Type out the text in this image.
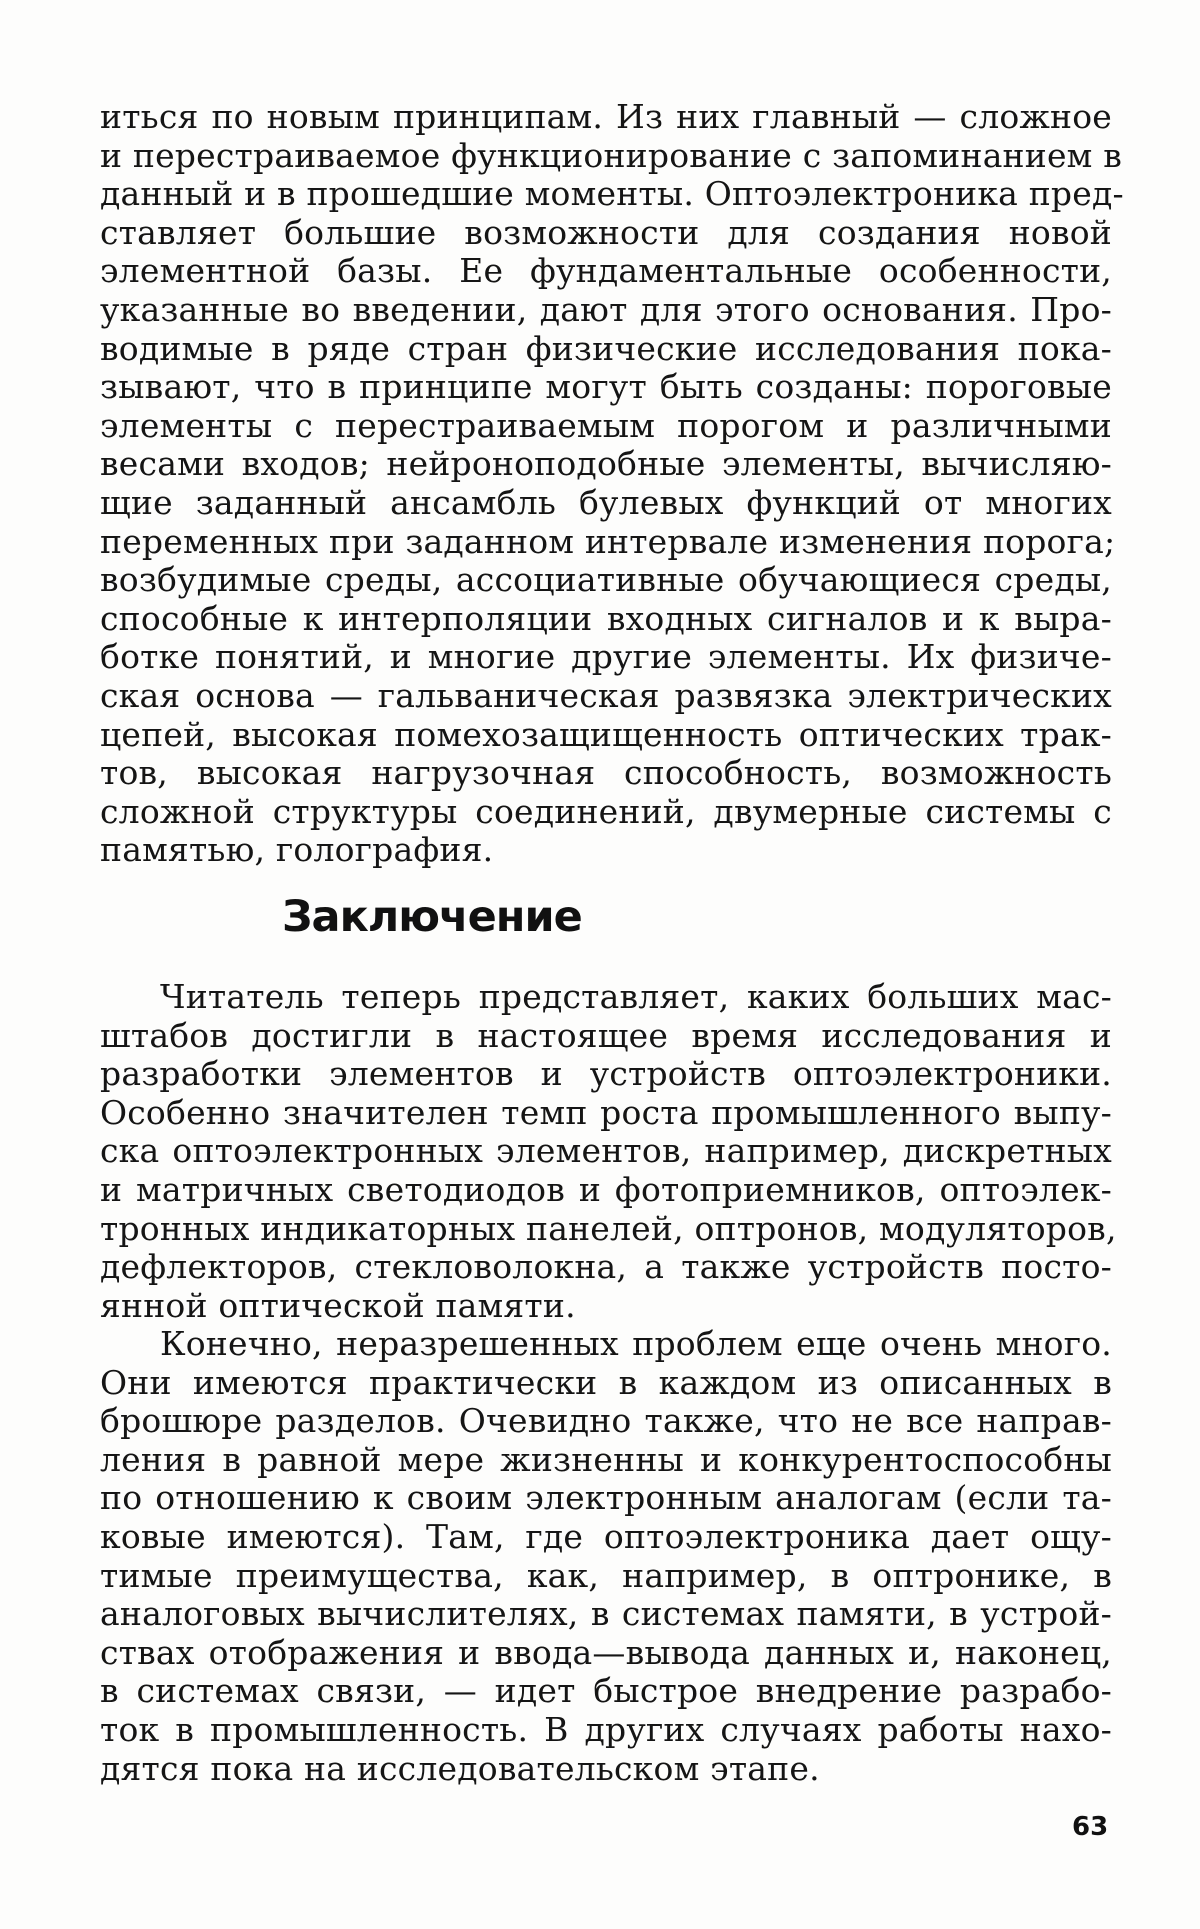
иться по новым принципам. Из них главный — сложное
и перестраиваемое функционирование с запоминанием в
данный и в прошедшие моменты. Оптоэлектроника пред-
ставляет большие возможности для создания новой
элементной базы. Ее фундаментальные особенности,
указанные во введении, дают для этого основания. Про-
водимые в ряде стран физические исследования пока-
зывают, что в принципе могут быть созданы: пороговые
элементы с перестраиваемым порогом и различными
весами входов; нейроноподобные элементы, вычисляю-
щие заданный ансамбль булевых функций от многих
переменных при заданном интервале изменения порога;
возбудимые среды, ассоциативные обучающиеся среды,
способные к интерполяции входных сигналов и к выра-
ботке понятий, и многие другие элементы. Их физиче-
ская основа — гальваническая развязка электрических
цепей, высокая помехозащищенность оптических трак-
тов, высокая нагрузочная способность, возможность
сложной структуры соединений, двумерные системы с
памятью, голография.
Заключение
Читатель теперь представляет, каких больших мас-
штабов достигли в настоящее время исследования и
разработки элементов и устройств оптоэлектроники.
Особенно значителен темп роста промышленного выпу-
ска оптоэлектронных элементов, например, дискретных
и матричных светодиодов и фотоприемников, оптоэлек-
тронных индикаторных панелей, оптронов, модуляторов,
дефлекторов, стекловолокна, а также устройств посто-
янной оптической памяти.
Конечно, неразрешенных проблем еще очень много.
Они имеются практически в каждом из описанных в
брошюре разделов. Очевидно также, что не все направ-
ления в равной мере жизненны и конкурентоспособны
по отношению к своим электронным аналогам (если та-
ковые имеются). Там, где оптоэлектроника дает ощу-
тимые преимущества, как, например, в оптронике, в
аналоговых вычислителях, в системах памяти, в устрой-
ствах отображения и ввода—вывода данных и, наконец,
в системах связи, — идет быстрое внедрение разрабо-
ток в промышленность. В других случаях работы нахо-
дятся пока на исследовательском этапе.
63
